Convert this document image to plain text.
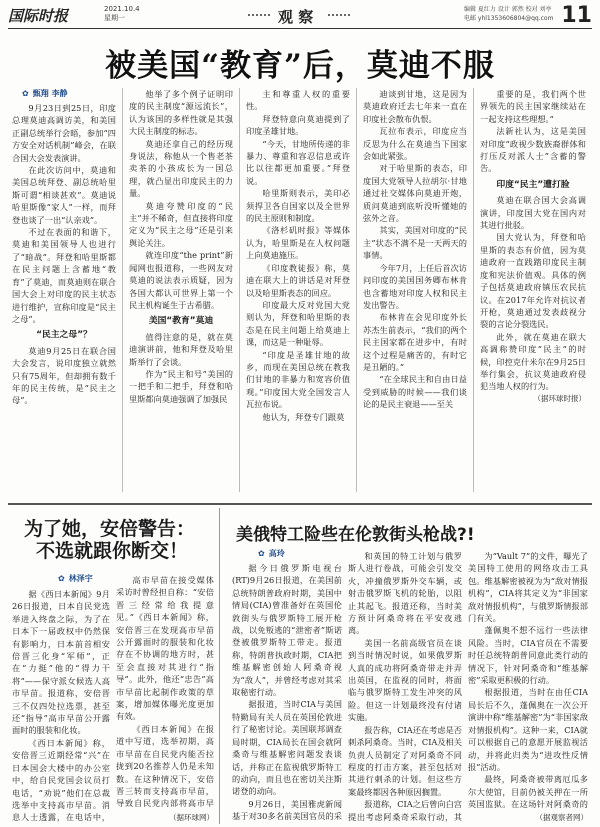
国际时报	2021.10.4
星期一	观 察	编辑 夏红力 设计 郭然 校对 刘亭
电邮 yhl1353606804@qq.com 11
被美国“教育”后，莫迪不服
✿ 甄翔 李静

9月23日到25日，印度总理莫迪高调访美，和美国正副总统举行会晤，参加“四方安全对话机制”峰会，在联合国大会发表演讲。

在此次访问中，莫迪和美国总统拜登、副总统哈里斯可谓“相谈甚欢”。莫迪说哈里斯像“家人”一样，而拜登也谈了一出“认亲戏”。

不过在表面的和谐下，莫迪和美国领导人也进行了“暗战”。拜登和哈里斯都在民主问题上含蓄地“教育”了莫迪，而莫迪则在联合国大会上对印度的民主状态进行维护，宣称印度是“民主之母”。

“民主之母”？

莫迪9月25日在联合国大会发言，说印度独立就然只有75周年，但却拥有数千年的民主传统，是“民主之母”。

他举了多个例子证明印度的民主制度“源远流长”，认为该国的多样性就是其强大民主制度的标志。

莫迪还拿自己的经历现身说法，称他从一个售老茶卖茶的小孩成长为一国总理，就凸显出印度民主的力量。

莫迪夸赞印度的“民主”并不稀奇，但直接将印度定义为“民主之母”还是引来舆论关注。

就连印度“the print”新闻网也报道称，一些网友对莫迪的说法表示质疑，因为各国大都认可世界上第一个民主机构诞生于古希腊。

美国“教育”莫迪

值得注意的是，就在莫迪演讲前，他和拜登及哈里斯举行了会谈。

作为“民主和号”美国的一把手和二把手，拜登和哈里斯都向莫迪强调了加强民

主和尊重人权的重要性。

拜登特意向莫迪提到了印度圣雄甘地。

“今天，甘地所传递的非暴力、尊重和容忍信息或许比以往都更加重要。”拜登说。

哈里斯则表示，美印必须捍卫各自国家以及全世界的民主原则和制度。

《洛杉矶时报》等媒体认为，哈里斯是在人权问题上向莫迪施压。

《印度教徒报》称，莫迪在联大上的讲话是对拜登以及哈里斯表态的回应。

印度最大反对党国大党则认为，拜登和哈里斯的表态是在民主问题上给莫迪上课，而这是一种耻辱。

“印度是圣雄甘地的故乡，而现在美国总统在教我们甘地的非暴力和宽容价值观。”印度国大党全国发言人瓦拉布说。

他认为，拜登专门跟莫

迪谈到甘地，这是因为莫迪政府迁去七年来一直在印度社会散布仇恨。

瓦拉布表示，印度应当反思为什么在莫迪当下国家会如此紧张。

对于哈里斯的表态，印度国大党领导人拉胡尔·甘地通过社交媒体向莫迪开炮，质问莫迪到底听没听懂她的弦外之音。

其实，美国对印度的“民主”状态不满不是一天两天的事情。

今年7月，上任后首次访问印度的美国国务卿布林肯也含蓄地对印度人权和民主发出警告。

布林肯在会见印度外长苏杰生前表示，“我们的两个民主国家都在进步中，有时这个过程是痛苦的，有时它是丑陋的。”

“在全球民主和自由日益受到威胁的时候——我们谈论的是民主衰退——至关

重要的是，我们两个世界领先的民主国家继续站在一起支持这些理想。”

法新社认为，这是美国对印度“政视少数族裔群体和打压反对派人士”含蓄的警告。

印度“民主”遭打脸

莫迪在联合国大会高调演讲，印度国大党在国内对其进行批驳。

国大党认为，拜登和哈里斯的表态有价值，因为莫迪政府一直践踏印度民主制度和宪法价值观。具体的例子包括莫迪政府镇压农民抗议。在2017年允许对抗议者开枪，莫迪通过发表歧视分裂的言论分裂选民。

此外，就在莫迪在联大高调称赞印度“民主”的时候，印控克什米尔在9月25日举行集会，抗议莫迪政府侵犯当地人权的行为。

（据环球时报）
为了她，安倍警告：
不选就跟你断交！
✿ 林泽宇

据《西日本新闻》9月26日报道，日本自民党选举进入终盘之际，为了在日本下一届政权中仍然保有影响力，日本前首相安倍晋三化身“军师”，正在“力挺”他的“得力干将”——保守派女候选人高市早苗。报道称，安倍晋三不仅四处拉选票，甚至还“指导”高市早苗公开露面时的服装和化妆。

《西日本新闻》称，安倍晋三近期经常“兴”在日本国会大楼中的办公室中，给自民党国会议员打电话，“劝说”他们在总裁选举中支持高市早苗。消息人士透露，在电话中，

高市早苗在接受媒体采访时曾经担自称：“安倍晋三经常给我提意见。”《西日本新闻》称，安倍晋三在发现高市早苗公开露面时的服装和化妆存在不协调的地方时，甚至会直接对其进行“指导”。此外，他还“忠告”高市早苗比起制作政策的草案，增加媒体曝光度更加有效。

《西日本新闻》在报道中写道，选举初期，高市早苗在自民党内能否拉拢到20名推荐人仍是未知数。在这种情况下，安倍晋三转而支持高市早苗，导致自民党内部将高市早

（据环球网）
美俄特工险些在伦敦街头枪战?!
✿ 高玲

据今日俄罗斯电视台(RT)9月26日报道，在美国前总统特朗普政府时期，美国中情局(CIA)曾准备好在英国伦敦街头与俄罗斯特工展开枪战，以免叛逃的“泄密者”斯诺登被俄罗斯特工带走。报道称，特朗普执政时期，CIA把维基解密创始人阿桑奇视为“敌人”，并曾经考虑对其采取秘密行动。

据报道，当时CIA与美国特勤局有关人员在英国伦敦进行了秘密讨论。美国联邦调查局时期，CIA局长在国会就阿桑奇与维基解密问题发表谈话，并称正在监视俄罗斯特工的动向，而且也在密切关注斯诺登的动向。

9月26日，美国雅虎新闻基于对30多名前美国官员的采

和英国的特工计划与俄罗斯人进行卷战，可能会引发交火，冲撞俄罗斯外交车辆，或射击俄罗斯飞机的轮胎，以阻止其起飞。报道还称，当时美方预计阿桑奇将在平安夜逃离。

美国一名前高级官员在谈到当时情况时说，如果俄罗斯人真的成功将阿桑奇带走并弄出英国，在监视的同时，将面临与俄罗斯特工发生冲突的风险。但这一计划最终没有付诸实施。

报告称，CIA还在考虑是否刺杀阿桑奇。当时，CIA及相关负责人员制定了对阿桑奇不同程度的打击方案，甚至包括对其进行刺杀的计划。但这些方案最终都因各种原因搁置。

报道称，CIA之后曾向白宫提出考虑阿桑奇采取行动，其

为“Vault 7”的文件，曝光了美国特工使用的网络攻击工具包。维基解密被视为为“敌对情报机构”，CIA将其定义为“非国家敌对情报机构”，与俄罗斯情报部门有关。

蓬佩奥不想不远行一些法律风险。当时，CIA官员在不需要时任总统特朗普同意此类行动的情况下，针对阿桑奇和“维基解密”采取更积极的行动。

根据报道，当时在由任CIA局长后不久，蓬佩奥在一次公开演讲中称“维基解密”为“非国家敌对情报机构”。这种一来，CIA就可以根据自己的意愿开展监视活动，并将此归类为“进攻性反情报”活动。

最终，阿桑奇被带离厄瓜多尔大使馆，目前仍被关押在一所英国监狱。在这场针对阿桑奇的

（据观察者网）
